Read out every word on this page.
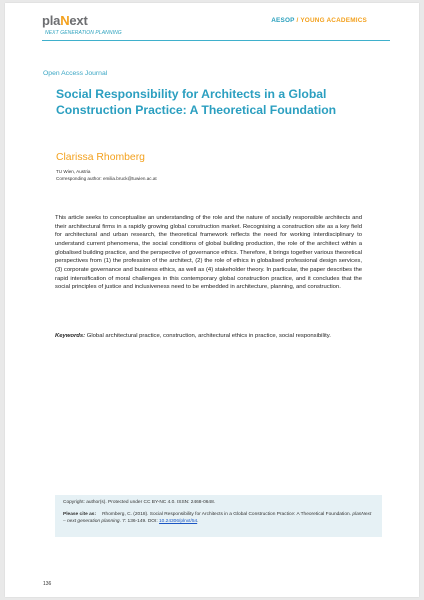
plaNext
NEXT GENERATION PLANNING
AESOP / YOUNG ACADEMICS
Open Access Journal
Social Responsibility for Architects in a Global Construction Practice: A Theoretical Foundation
Clarissa Rhomberg
TU Wien, Austria
Corresponding author: emilia.bruck@tuwien.ac.at

This article seeks to conceptualise an understanding of the role and the nature of socially responsible architects and their architectural firms in a rapidly growing global construction market. Recognising a construction site as a key field for architectural and urban research, the theoretical framework reflects the need for working interdisciplinary to understand current phenomena, the social conditions of global building production, the role of the architect within a globalised building practice, and the perspective of governance ethics. Therefore, it brings together various theoretical perspectives from (1) the profession of the architect, (2) the role of ethics in globalised professional design services, (3) corporate governance and business ethics, as well as (4) stakeholder theory. In particular, the paper describes the rapid intensification of moral challenges in this contemporary global construction practice, and it concludes that the social principles of justice and inclusiveness need to be embedded in architecture, planning, and construction.

Keywords: Global architectural practice, construction, architectural ethics in practice, social responsibility.

Copyright: author(s). Protected under CC BY-NC 4.0. ISSN: 2468-0648.

Please cite as: Rhomberg, C. (2018). Social Responsibility for Architects in a Global Construction Practice: A Theoretical Foundation. planNext – next generation planning. 7: 136-149. DOI: 10.24306/plnxt/54.

136
